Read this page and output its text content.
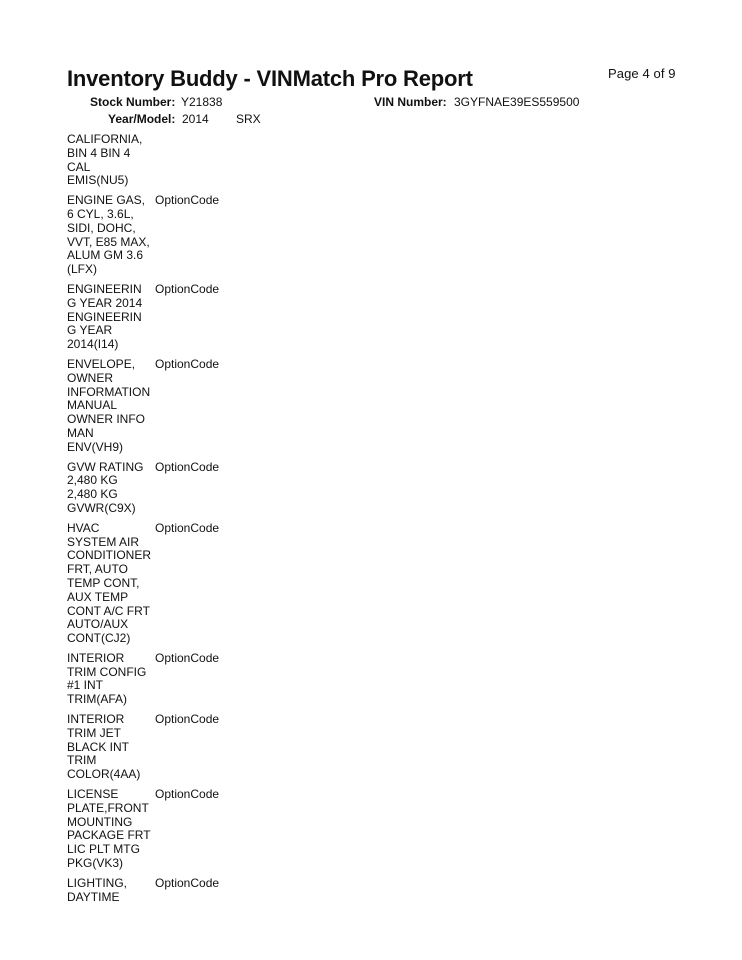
Inventory Buddy - VINMatch Pro Report	Page 4 of 9
Stock Number: Y21838	VIN Number: 3GYFNAE39ES559500
Year/Model: 2014 SRX
CALIFORNIA,
BIN 4 BIN 4
CAL
EMIS(NU5)
ENGINE GAS,
6 CYL, 3.6L,
SIDI, DOHC,
VVT, E85 MAX,
ALUM GM 3.6
(LFX)
OptionCode
ENGINEERIN
G YEAR 2014
ENGINEERIN
G YEAR
2014(I14)
OptionCode
ENVELOPE,
OWNER
INFORMATION
MANUAL
OWNER INFO
MAN
ENV(VH9)
OptionCode
GVW RATING
2,480 KG
2,480 KG
GVWR(C9X)
OptionCode
HVAC
SYSTEM AIR
CONDITIONER
FRT, AUTO
TEMP CONT,
AUX TEMP
CONT A/C FRT
AUTO/AUX
CONT(CJ2)
OptionCode
INTERIOR
TRIM CONFIG
#1 INT
TRIM(AFA)
OptionCode
INTERIOR
TRIM JET
BLACK INT
TRIM
COLOR(4AA)
OptionCode
LICENSE
PLATE,FRONT
MOUNTING
PACKAGE FRT
LIC PLT MTG
PKG(VK3)
OptionCode
LIGHTING,
DAYTIME
OptionCode
